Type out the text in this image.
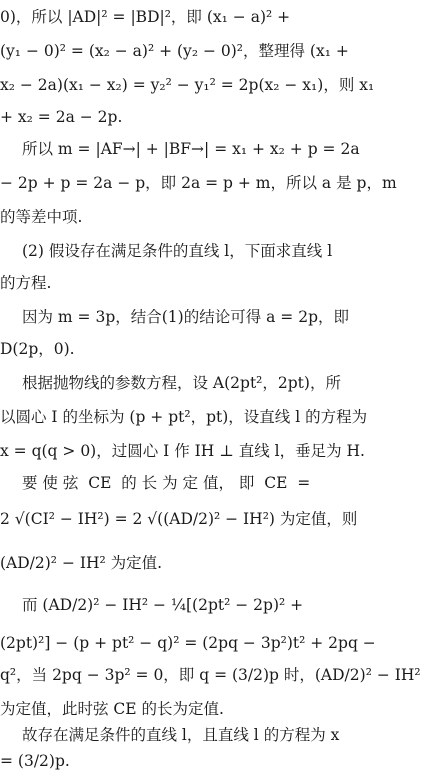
0)，所以 |AD|² = |BD|²，即 (x₁ − a)² +
(y₁ − 0)² = (x₂ − a)² + (y₂ − 0)²，整理得 (x₁ +
x₂ − 2a)(x₁ − x₂) = y₂² − y₁² = 2p(x₂ − x₁)，则 x₁
+ x₂ = 2a − 2p.
所以 m = |AF→| + |BF→| = x₁ + x₂ + p = 2a
− 2p + p = 2a − p，即 2a = p + m，所以 a 是 p，m
的等差中项.
(2) 假设存在满足条件的直线 l，下面求直线 l
的方程.
因为 m = 3p，结合(1)的结论可得 a = 2p，即
D(2p，0).
根据抛物线的参数方程，设 A(2pt²，2pt)，所
以圆心 I 的坐标为 (p + pt²，pt)，设直线 l 的方程为
x = q(q > 0)，过圆心 I 作 IH ⊥ 直线 l，垂足为 H.
要 使 弦  CE  的 长 为 定 值， 即  CE  =
2 √(CI² − IH²) = 2 √((AD/2)² − IH²) 为定值，则
(AD/2)² − IH² 为定值.
而 (AD/2)² − IH² − ¼[(2pt² − 2p)² +
(2pt)²] − (p + pt² − q)² = (2pq − 3p²)t² + 2pq −
q²，当 2pq − 3p² = 0，即 q = (3/2)p 时，(AD/2)² − IH²
为定值，此时弦 CE 的长为定值.
故存在满足条件的直线 l，且直线 l 的方程为 x
= (3/2)p.
